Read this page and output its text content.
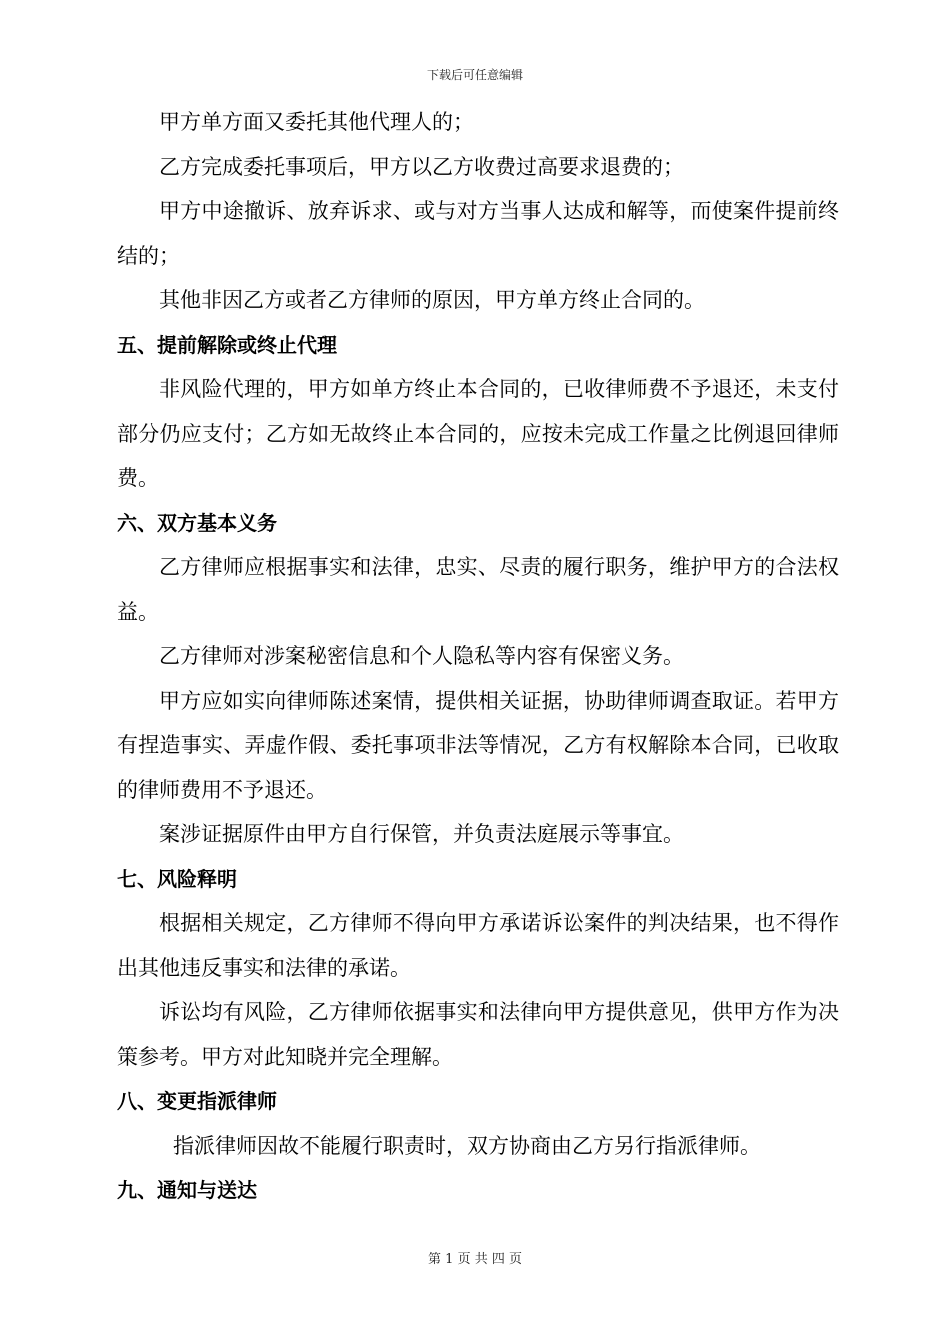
下载后可任意编辑

甲方单方面又委托其他代理人的；

乙方完成委托事项后，甲方以乙方收费过高要求退费的；

甲方中途撤诉、放弃诉求、或与对方当事人达成和解等，而使案件提前终结的；

其他非因乙方或者乙方律师的原因，甲方单方终止合同的。

五、提前解除或终止代理

非风险代理的，甲方如单方终止本合同的，已收律师费不予退还，未支付部分仍应支付；乙方如无故终止本合同的，应按未完成工作量之比例退回律师费。

六、双方基本义务

乙方律师应根据事实和法律，忠实、尽责的履行职务，维护甲方的合法权益。

乙方律师对涉案秘密信息和个人隐私等内容有保密义务。

甲方应如实向律师陈述案情，提供相关证据，协助律师调查取证。若甲方有捏造事实、弄虚作假、委托事项非法等情况，乙方有权解除本合同，已收取的律师费用不予退还。

案涉证据原件由甲方自行保管，并负责法庭展示等事宜。

七、风险释明

根据相关规定，乙方律师不得向甲方承诺诉讼案件的判决结果，也不得作出其他违反事实和法律的承诺。

诉讼均有风险，乙方律师依据事实和法律向甲方提供意见，供甲方作为决策参考。甲方对此知晓并完全理解。

八、变更指派律师

指派律师因故不能履行职责时，双方协商由乙方另行指派律师。

九、通知与送达

第 1 页 共 四 页
